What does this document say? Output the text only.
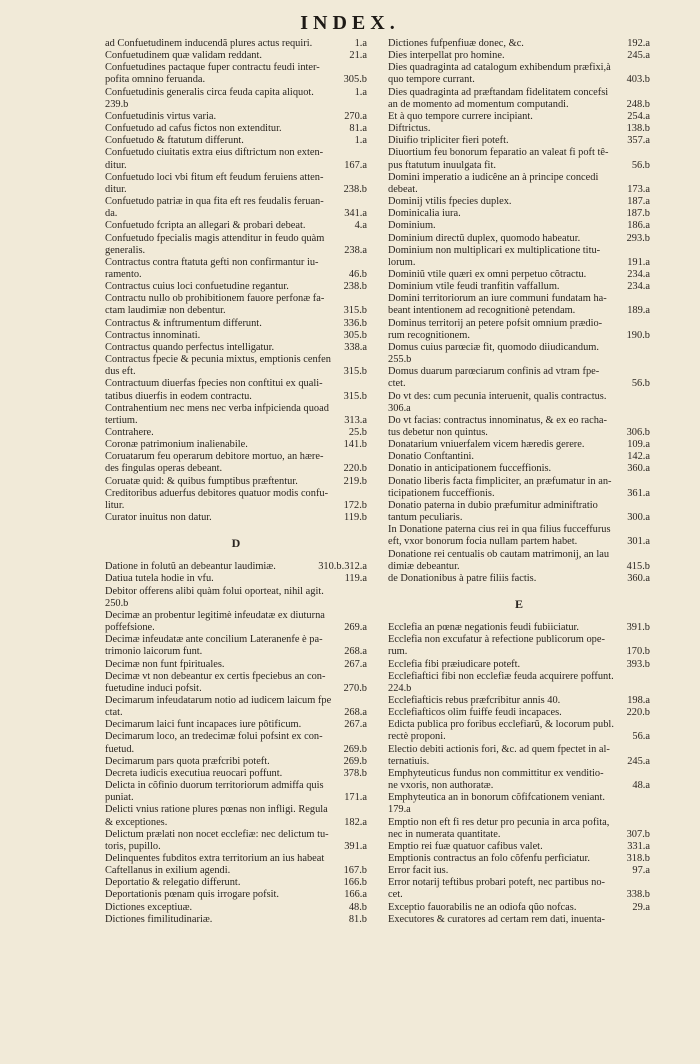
INDEX.
1.a
ad Confuetudinem inducendã plures actus requiri.
21.a
Confuetudinem quæ validam reddant.
Confuetudines pactaque fuper contractu feudi inter-
305.b
pofita omnino feruanda.
1.a
Confuetudinis generalis circa feuda capita aliquot.
239.b
270.a
Confuetudinis virtus varia.
81.a
Confuetudo ad cafus fictos non extenditur.
1.a
Confuetudo & ftatutum differunt.
Confuetudo ciuitatis extra eius diftrictum non exten-
167.a
ditur.
Confuetudo loci vbi fitum eft feudum feruiens atten-
238.b
ditur.
Confuetudo patriæ in qua fita eft res feudalis feruan-
341.a
da.
4.a
Confuetudo fcripta an allegari & probari debeat.
Confuetudo fpecialis magis attenditur in feudo quàm
238.a
generalis.
Contractus contra ftatuta gefti non confirmantur iu-
46.b
ramento.
238.b
Contractus cuius loci confuetudine regantur.
Contractu nullo ob prohibitionem fauore perfonæ fa-
315.b
ctam laudimiæ non debentur.
336.b
Contractus & inftrumentum differunt.
305.b
Contractus innominati.
338.a
Contractus quando perfectus intelligatur.
Contractus fpecie & pecunia mixtus, emptionis cenfen
315.b
dus eft.
Contractuum diuerfas fpecies non conftitui ex quali-
315.b
tatibus diuerfis in eodem contractu.
Contrahentium nec mens nec verba infpicienda quoad
313.a
tertium.
25.b
Contrahere.
141.b
Coronæ patrimonium inalienabile.
Coruatarum feu operarum debitore mortuo, an hære-
220.b
des fingulas operas debeant.
219.b
Coruatæ quid: & quibus fumptibus præftentur.
Creditoribus aduerfus debitores quatuor modis confu-
172.b
litur.
119.b
Curator inuitus non datur.
D
310.b.312.a
Datione in folutũ an debeantur laudimiæ.
119.a
Datiua tutela hodie in vfu.
Debitor offerens alibi quàm folui oporteat, nihil agit.
250.b
Decimæ an probentur legitimè infeudatæ ex diuturna
269.a
poffefsione.
Decimæ infeudatæ ante concilium Lateranenfe è pa-
268.a
trimonio laicorum funt.
267.a
Decimæ non funt fpirituales.
Decimæ vt non debeantur ex certis fpeciebus an con-
270.b
fuetudine induci pofsit.
Decimarum infeudatarum notio ad iudicem laicum fpe
268.a
ctat.
267.a
Decimarum laici funt incapaces iure pôtificum.
Decimarum loco, an tredecimæ folui pofsint ex con-
269.b
fuetud.
269.b
Decimarum pars quota præfcribi poteft.
378.b
Decreta iudicis executiua reuocari poffunt.
Delicta in cõfinio duorum territoriorum admiffa quis
171.a
puniat.
Delicti vnius ratione plures pœnas non infligi. Regula
182.a
& exceptiones.
Delictum prælati non nocet ecclefiæ: nec delictum tu-
391.a
toris, pupillo.
Delinquentes fubditos extra territorium an ius habeat
167.b
Caftellanus in exilium agendi.
166.b
Deportatio & relegatio differunt.
166.a
Deportationis pœnam quis irrogare pofsit.
48.b
Dictiones exceptiuæ.
81.b
Dictiones fimilitudinariæ.
192.a
Dictiones fufpenfiuæ donec, &c.
245.a
Dies interpellat pro homine.
Dies quadraginta ad catalogum exhibendum præfixi,à
403.b
quo tempore currant.
Dies quadraginta ad præftandam fidelitatem concefsi
248.b
an de momento ad momentum computandi.
254.a
Et à quo tempore currere incipiant.
138.b
Diftrictus.
357.a
Diuifio tripliciter fieri poteft.
Diuortium feu bonorum feparatio an valeat fi poft tê-
56.b
pus ftatutum inuulgata fit.
Domini imperatio a iudicêne an à principe concedi
173.a
debeat.
187.a
Dominij vtilis fpecies duplex.
187.b
Dominicalia iura.
186.a
Dominium.
293.b
Dominium directũ duplex, quomodo habeatur.
Dominium non multiplicari ex multiplicatione titu-
191.a
lorum.
234.a
Dominiũ vtile quæri ex omni perpetuo cõtractu.
234.a
Dominium vtile feudi tranfitin vaffallum.
Domini territoriorum an iure communi fundatam ha-
189.a
beant intentionem ad recognitionè petendam.
Dominus territorij an petere pofsit omnium prædio-
190.b
rum recognitionem.
Domus cuius parœciæ fit, quomodo diiudicandum.
255.b
Domus duarum parœciarum confinis ad vtram fpe-
56.b
ctet.
Do vt des: cum pecunia interuenit, qualis contractus.
306.a
Do vt facias: contractus innominatus, & ex eo racha-
306.b
tus debetur non quintus.
109.a
Donatarium vniuerfalem vicem hæredis gerere.
142.a
Donatio Conftantini.
360.a
Donatio in anticipationem fucceffionis.
Donatio liberis facta fimpliciter, an præfumatur in an-
361.a
ticipationem fucceffionis.
Donatio paterna in dubio præfumitur adminiftratio
300.a
tantum peculiaris.
In Donatione paterna cius rei in qua filius fucceffurus
301.a
eft, vxor bonorum focia nullam partem habet.
Donatione rei centualis ob cautam matrimonij, an lau
415.b
dimiæ debeantur.
360.a
de Donationibus à patre filiis factis.
E
391.b
Ecclefia an pœnæ negationis feudi fubiiciatur.
Ecclefia non excufatur à refectione publicorum ope-
170.b
rum.
393.b
Ecclefia fibi præiudicare poteft.
Ecclefiaftici fibi non ecclefiæ feuda acquirere poffunt.
224.b
198.a
Ecclefiafticis rebus præfcribitur annis 40.
220.b
Ecclefiafticos olim fuiffe feudi incapaces.
Edicta publica pro foribus ecclefiarũ, & locorum publ.
56.a
rectè proponi.
Electio debiti actionis fori, &c. ad quem fpectet in al-
245.a
ternatiuis.
Emphyteuticus fundus non committitur ex venditio-
48.a
ne vxoris, non authoratæ.
Emphyteutica an in bonorum cõfifcationem veniant.
179.a
Emptio non eft fi res detur pro pecunia in arca pofita,
307.b
nec in numerata quantitate.
331.a
Emptio rei fuæ quatuor cafibus valet.
318.b
Emptionis contractus an folo cõfenfu perficiatur.
97.a
Error facit ius.
Error notarij teftibus probari poteft, nec partibus no-
338.b
cet.
29.a
Exceptio fauorabilis ne an odiofa qũo nofcas.
Executores & curatores ad certam rem dati, inuenta-
